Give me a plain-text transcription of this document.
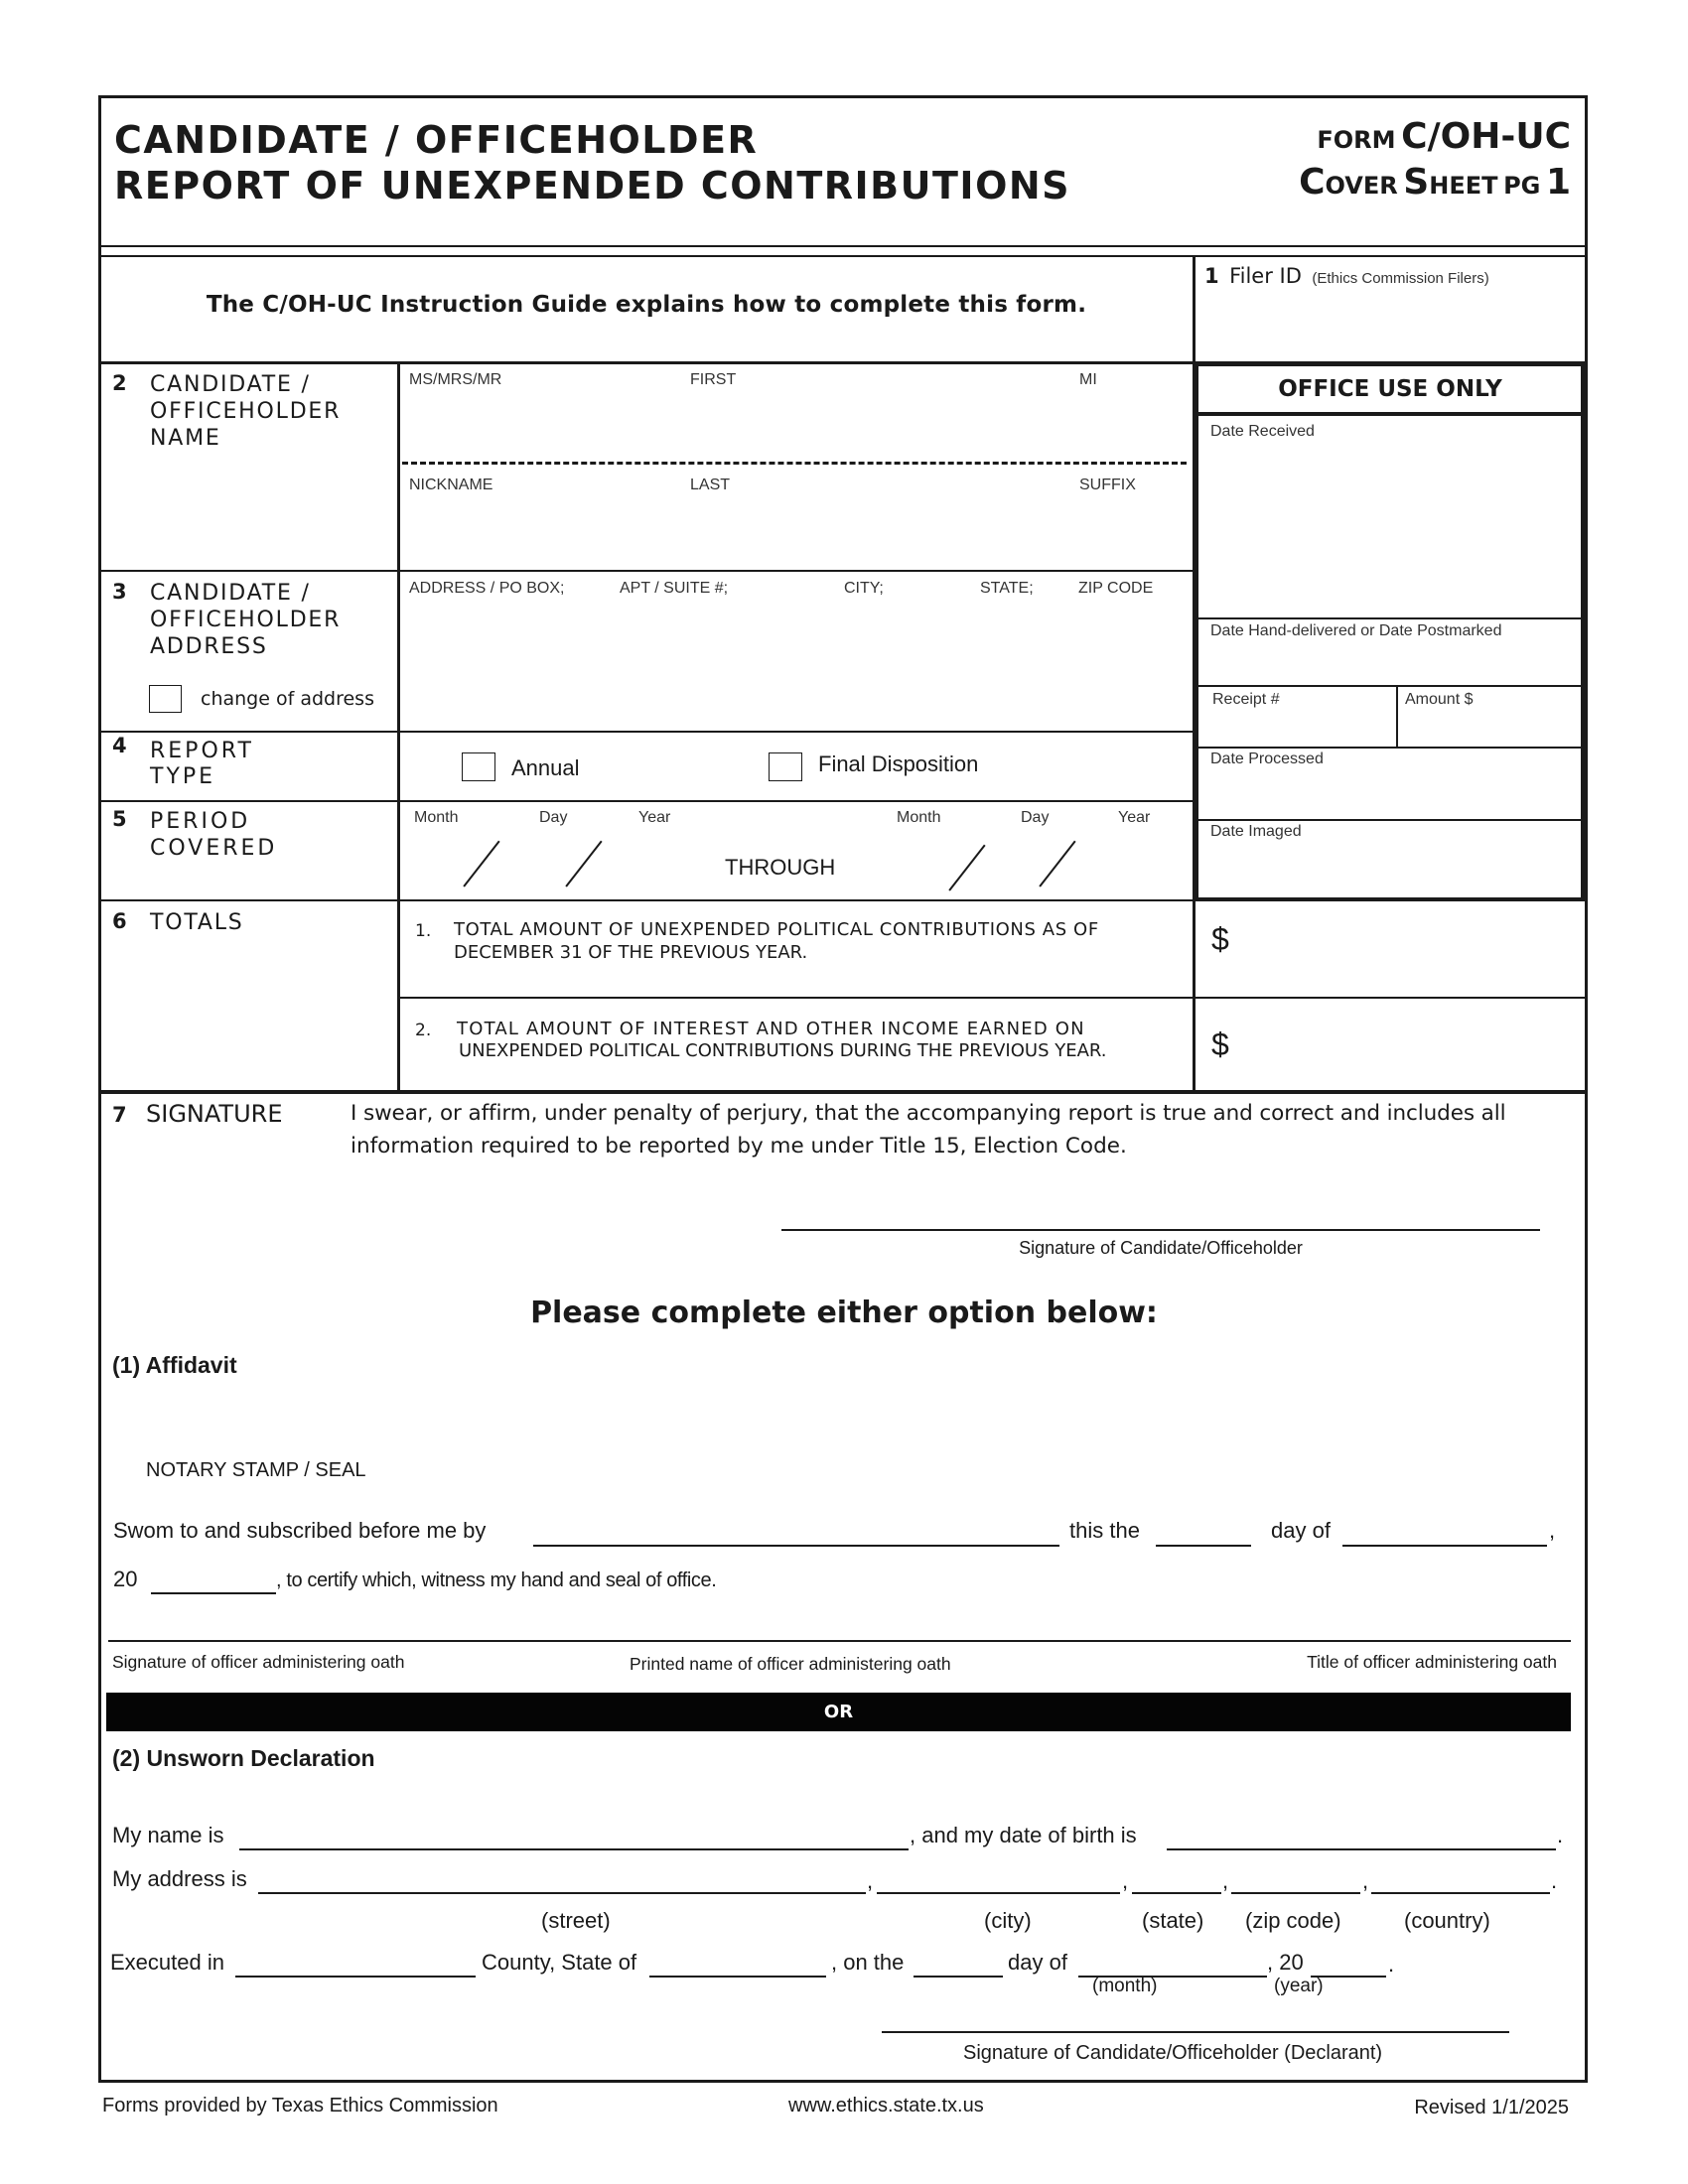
CANDIDATE / OFFICEHOLDER
REPORT OF UNEXPENDED CONTRIBUTIONS
FORM C/OH-UC
COVER SHEET PG 1
The C/OH-UC Instruction Guide explains how to complete this form.
1 Filer ID (Ethics Commission Filers)
2 CANDIDATE /
OFFICEHOLDER
NAME
MS/MRS/MR	FIRST	MI
NICKNAME	LAST	SUFFIX
3 CANDIDATE /
OFFICEHOLDER
ADDRESS
change of address
ADDRESS / PO BOX;	APT / SUITE #;	CITY;	STATE;	ZIP CODE
4 REPORT
TYPE	Annual	Final Disposition
5 PERIOD
COVERED
Month	Day	Year
THROUGH
Month	Day	Year
OFFICE USE ONLY
Date Received
Date Hand-delivered or Date Postmarked
Receipt #	Amount $
Date Processed
Date Imaged
6 TOTALS	1. TOTAL AMOUNT OF UNEXPENDED POLITICAL CONTRIBUTIONS AS OF
DECEMBER 31 OF THE PREVIOUS YEAR.	$
2. TOTAL AMOUNT OF INTEREST AND OTHER INCOME EARNED ON
UNEXPENDED POLITICAL CONTRIBUTIONS DURING THE PREVIOUS YEAR.	$
7 SIGNATURE	I swear, or affirm, under penalty of perjury, that the accompanying report is true and correct and includes all
information required to be reported by me under Title 15, Election Code.
Signature of Candidate/Officeholder
Please complete either option below:
(1) Affidavit
NOTARY STAMP / SEAL
Swom to and subscribed before me by	this the	day of	,
20	, to certify which, witness my hand and seal of office.
Signature of officer administering oath	Printed name of officer administering oath	Title of officer administering oath
OR
(2) Unsworn Declaration
My name is	, and my date of birth is	.
My address is	,	,	,	,	.
(street)	(city)	(state) (zip code)	(country)
Executed in	County, State of	, on the	day of	, 20	.
(month)	(year)
Signature of Candidate/Officeholder (Declarant)
Forms provided by Texas Ethics Commission	www.ethics.state.tx.us	Revised 1/1/2025
